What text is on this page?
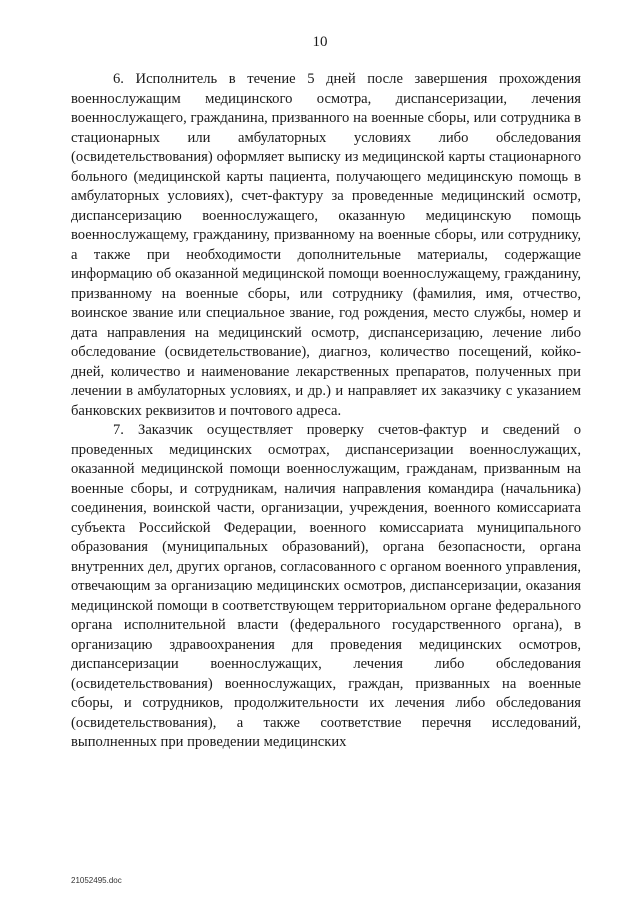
10

6. Исполнитель в течение 5 дней после завершения прохождения военнослужащим медицинского осмотра, диспансеризации, лечения военнослужащего, гражданина, призванного на военные сборы, или сотрудника в стационарных или амбулаторных условиях либо обследования (освидетельствования) оформляет выписку из медицинской карты стационарного больного (медицинской карты пациента, получающего медицинскую помощь в амбулаторных условиях), счет-фактуру за проведенные медицинский осмотр, диспансеризацию военнослужащего, оказанную медицинскую помощь военнослужащему, гражданину, призванному на военные сборы, или сотруднику, а также при необходимости дополнительные материалы, содержащие информацию об оказанной медицинской помощи военнослужащему, гражданину, призванному на военные сборы, или сотруднику (фамилия, имя, отчество, воинское звание или специальное звание, год рождения, место службы, номер и дата направления на медицинский осмотр, диспансеризацию, лечение либо обследование (освидетельствование), диагноз, количество посещений, койко-дней, количество и наименование лекарственных препаратов, полученных при лечении в амбулаторных условиях, и др.) и направляет их заказчику с указанием банковских реквизитов и почтового адреса.

7. Заказчик осуществляет проверку счетов-фактур и сведений о проведенных медицинских осмотрах, диспансеризации военнослужащих, оказанной медицинской помощи военнослужащим, гражданам, призванным на военные сборы, и сотрудникам, наличия направления командира (начальника) соединения, воинской части, организации, учреждения, военного комиссариата субъекта Российской Федерации, военного комиссариата муниципального образования (муниципальных образований), органа безопасности, органа внутренних дел, других органов, согласованного с органом военного управления, отвечающим за организацию медицинских осмотров, диспансеризации, оказания медицинской помощи в соответствующем территориальном органе федерального органа исполнительной власти (федерального государственного органа), в организацию здравоохранения для проведения медицинских осмотров, диспансеризации военнослужащих, лечения либо обследования (освидетельствования) военнослужащих, граждан, призванных на военные сборы, и сотрудников, продолжительности их лечения либо обследования (освидетельствования), а также соответствие перечня исследований, выполненных при проведении медицинских

21052495.doc
